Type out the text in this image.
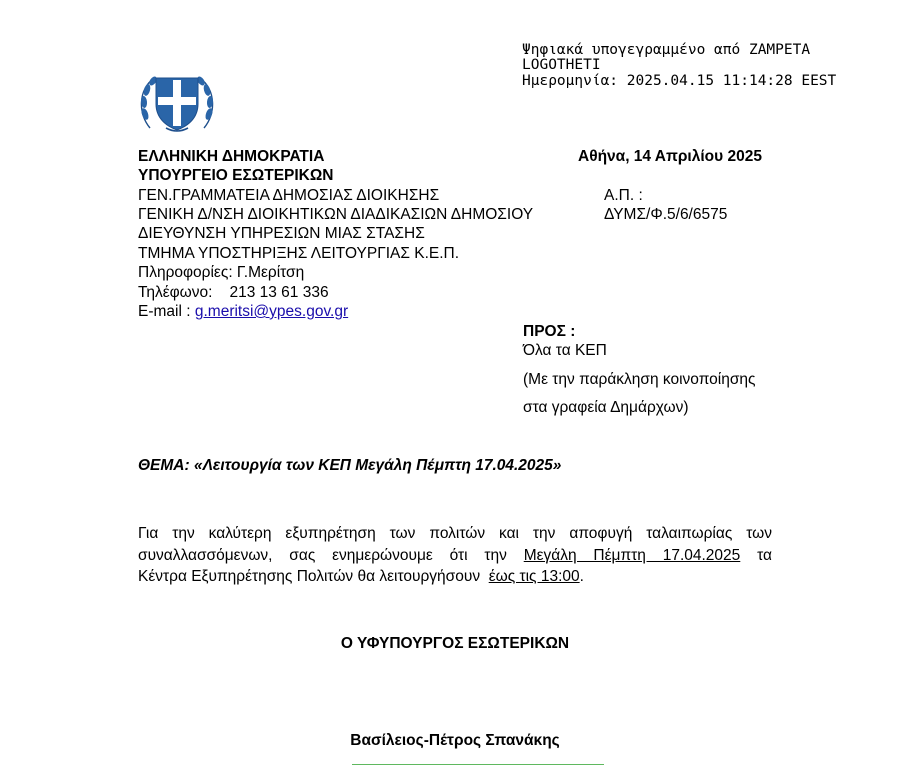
Ψηφιακά υπογεγραμμένο από ΖΑΜΡΕΤΑ
LOGOTHETI
Ημερομηνία: 2025.04.15 11:14:28 EEST
ΕΛΛΗΝΙΚΗ ΔΗΜΟΚΡΑΤΙΑ
ΥΠΟΥΡΓΕΙΟ ΕΣΩΤΕΡΙΚΩΝ
ΓΕΝ.ΓΡΑΜΜΑΤΕΙΑ ΔΗΜΟΣΙΑΣ ΔΙΟΙΚΗΣΗΣ
ΓΕΝΙΚΗ Δ/ΝΣΗ ΔΙΟΙΚΗΤΙΚΩΝ ΔΙΑΔΙΚΑΣΙΩΝ ΔΗΜΟΣΙΟΥ
ΔΙΕΥΘΥΝΣΗ ΥΠΗΡΕΣΙΩΝ ΜΙΑΣ ΣΤΑΣΗΣ
ΤΜΗΜΑ ΥΠΟΣΤΗΡΙΞΗΣ ΛΕΙΤΟΥΡΓΙΑΣ Κ.Ε.Π.
Πληροφορίες: Γ.Μερίτση
Τηλέφωνο: 213 13 61 336
E-mail : g.meritsi@ypes.gov.gr
Αθήνα, 14 Απριλίου 2025
Α.Π. :
ΔΥΜΣ/Φ.5/6/6575
ΠΡΟΣ :
Όλα τα ΚΕΠ
(Με την παράκληση κοινοποίησης
στα γραφεία Δημάρχων)
ΘΕΜΑ: «Λειτουργία των ΚΕΠ Μεγάλη Πέμπτη 17.04.2025»
Για την καλύτερη εξυπηρέτηση των πολιτών και την αποφυγή ταλαιπωρίας των
συναλλασσόμενων, σας ενημερώνουμε ότι την Μεγάλη Πέμπτη 17.04.2025 τα
Κέντρα Εξυπηρέτησης Πολιτών θα λειτουργήσουν έως τις 13:00.
Ο ΥΦΥΠΟΥΡΓΟΣ ΕΣΩΤΕΡΙΚΩΝ
Βασίλειος-Πέτρος Σπανάκης
